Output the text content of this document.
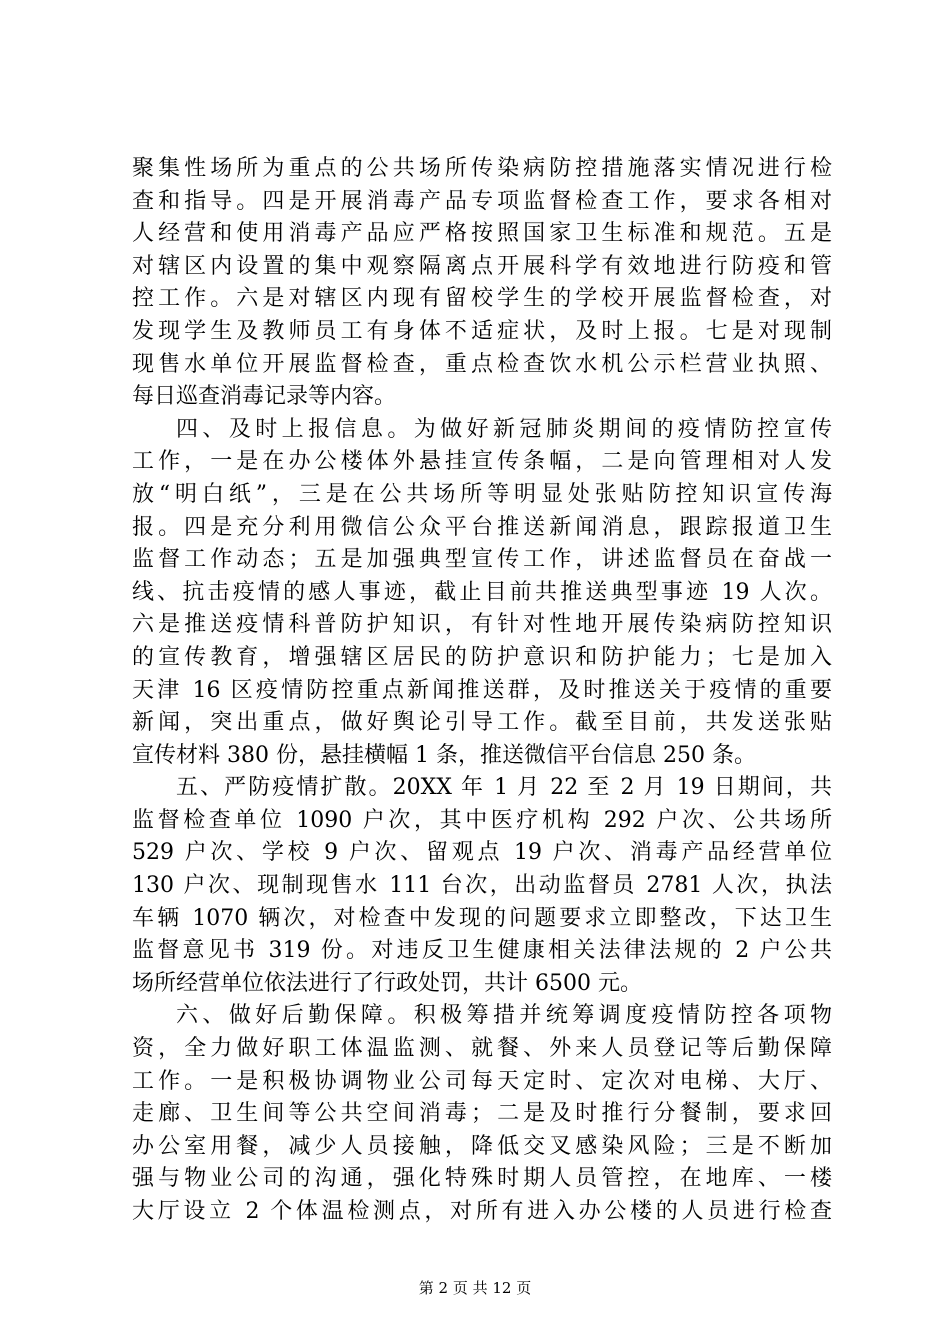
聚集性场所为重点的公共场所传染病防控措施落实情况进行检
查和指导。四是开展消毒产品专项监督检查工作，要求各相对
人经营和使用消毒产品应严格按照国家卫生标准和规范。五是
对辖区内设置的集中观察隔离点开展科学有效地进行防疫和管
控工作。六是对辖区内现有留校学生的学校开展监督检查，对
发现学生及教师员工有身体不适症状，及时上报。七是对现制
现售水单位开展监督检查，重点检查饮水机公示栏营业执照、
每日巡查消毒记录等内容。
四、及时上报信息。为做好新冠肺炎期间的疫情防控宣传
工作，一是在办公楼体外悬挂宣传条幅，二是向管理相对人发
放“明白纸”，三是在公共场所等明显处张贴防控知识宣传海
报。四是充分利用微信公众平台推送新闻消息，跟踪报道卫生
监督工作动态；五是加强典型宣传工作，讲述监督员在奋战一
线、抗击疫情的感人事迹，截止目前共推送典型事迹 19 人次。
六是推送疫情科普防护知识，有针对性地开展传染病防控知识
的宣传教育，增强辖区居民的防护意识和防护能力；七是加入
天津 16 区疫情防控重点新闻推送群，及时推送关于疫情的重要
新闻，突出重点，做好舆论引导工作。截至目前，共发送张贴
宣传材料 380 份，悬挂横幅 1 条，推送微信平台信息 250 条。
五、严防疫情扩散。20XX 年 1 月 22 至 2 月 19 日期间，共
监督检查单位 1090 户次，其中医疗机构 292 户次、公共场所
529 户次、学校 9 户次、留观点 19 户次、消毒产品经营单位
130 户次、现制现售水 111 台次，出动监督员 2781 人次，执法
车辆 1070 辆次，对检查中发现的问题要求立即整改，下达卫生
监督意见书 319 份。对违反卫生健康相关法律法规的 2 户公共
场所经营单位依法进行了行政处罚，共计 6500 元。
六、做好后勤保障。积极筹措并统筹调度疫情防控各项物
资，全力做好职工体温监测、就餐、外来人员登记等后勤保障
工作。一是积极协调物业公司每天定时、定次对电梯、大厅、
走廊、卫生间等公共空间消毒；二是及时推行分餐制，要求回
办公室用餐，减少人员接触，降低交叉感染风险；三是不断加
强与物业公司的沟通，强化特殊时期人员管控，在地库、一楼
大厅设立 2 个体温检测点，对所有进入办公楼的人员进行检查
第 2 页 共 12 页
